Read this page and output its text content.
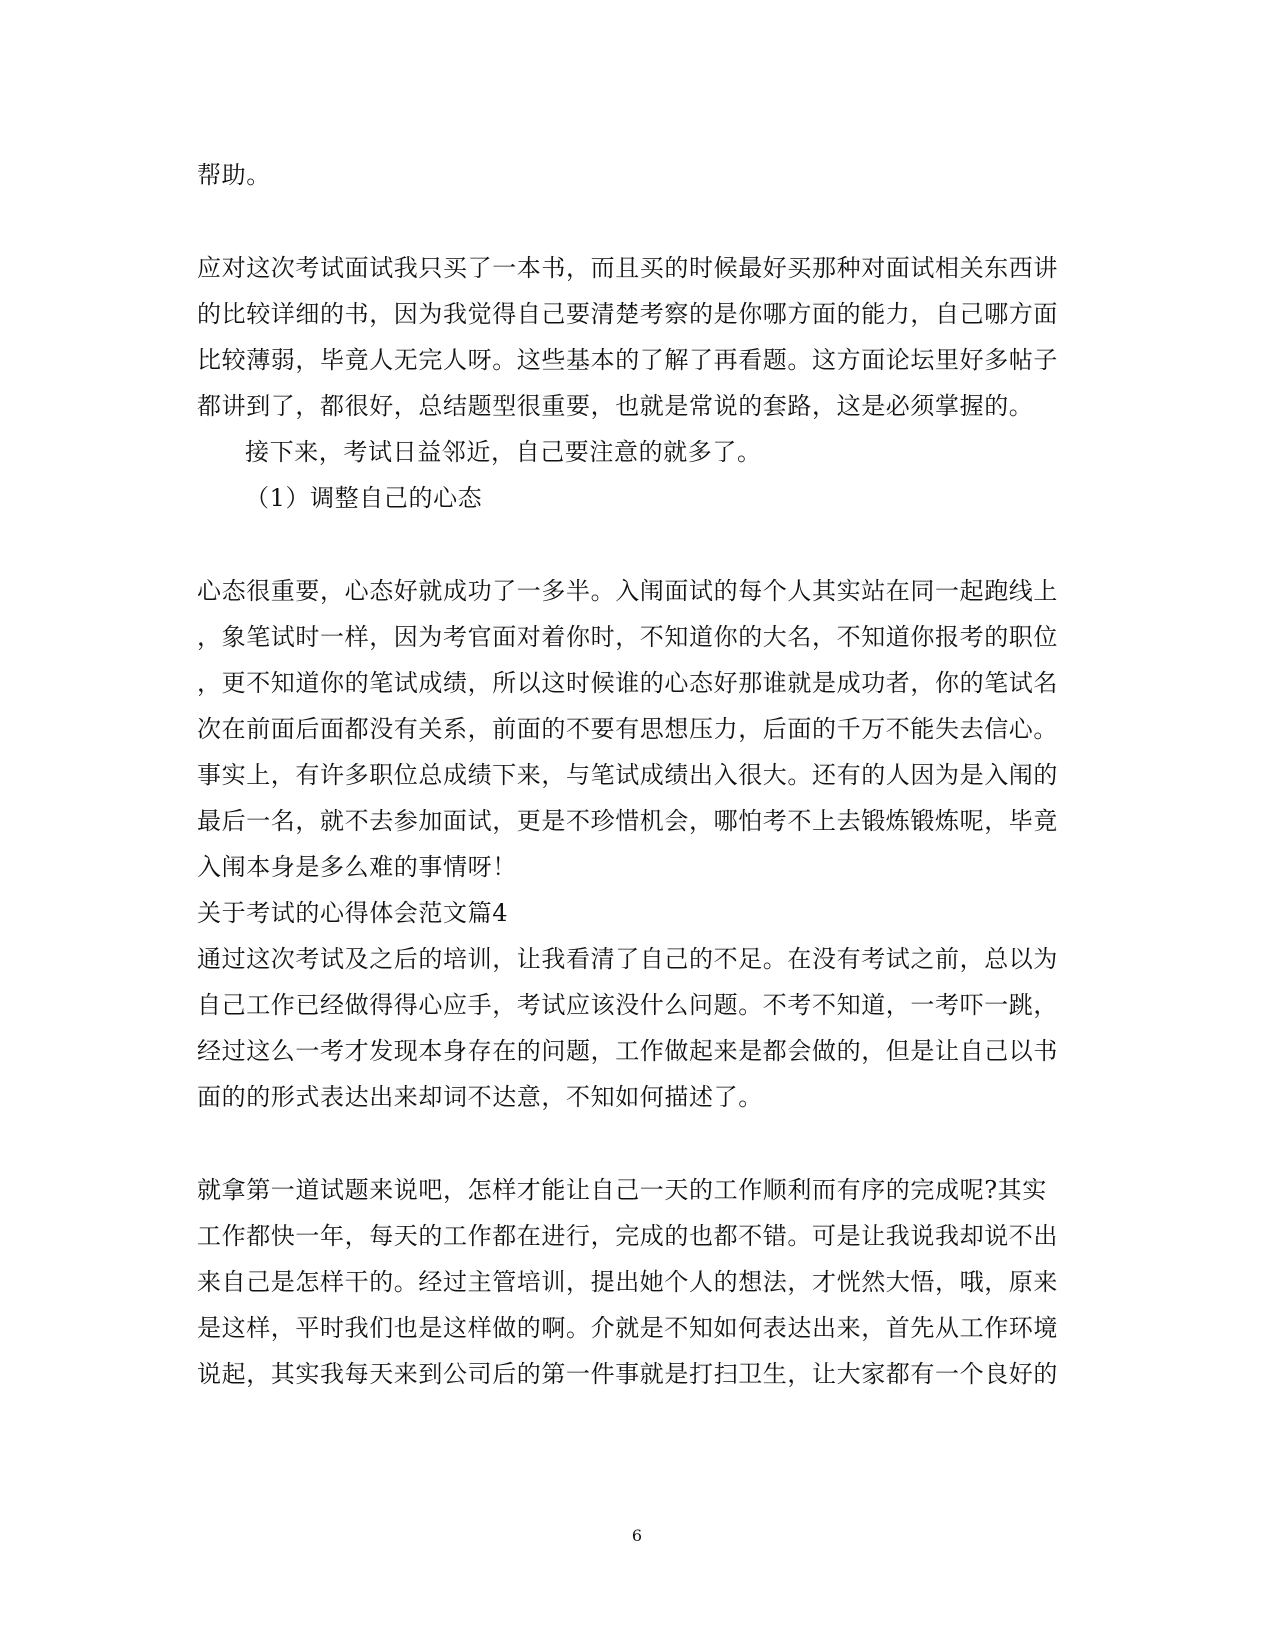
帮助。
应对这次考试面试我只买了一本书，而且买的时候最好买那种对面试相关东西讲
的比较详细的书，因为我觉得自己要清楚考察的是你哪方面的能力，自己哪方面
比较薄弱，毕竟人无完人呀。这些基本的了解了再看题。这方面论坛里好多帖子
都讲到了，都很好，总结题型很重要，也就是常说的套路，这是必须掌握的。
接下来，考试日益邻近，自己要注意的就多了。
（1）调整自己的心态
心态很重要，心态好就成功了一多半。入闱面试的每个人其实站在同一起跑线上
，象笔试时一样，因为考官面对着你时，不知道你的大名，不知道你报考的职位
，更不知道你的笔试成绩，所以这时候谁的心态好那谁就是成功者，你的笔试名
次在前面后面都没有关系，前面的不要有思想压力，后面的千万不能失去信心。
事实上，有许多职位总成绩下来，与笔试成绩出入很大。还有的人因为是入闱的
最后一名，就不去参加面试，更是不珍惜机会，哪怕考不上去锻炼锻炼呢，毕竟
入闱本身是多么难的事情呀！
关于考试的心得体会范文篇4
通过这次考试及之后的培训，让我看清了自己的不足。在没有考试之前，总以为
自己工作已经做得得心应手，考试应该没什么问题。不考不知道，一考吓一跳，
经过这么一考才发现本身存在的问题，工作做起来是都会做的，但是让自己以书
面的的形式表达出来却词不达意，不知如何描述了。
就拿第一道试题来说吧，怎样才能让自己一天的工作顺利而有序的完成呢?其实
工作都快一年，每天的工作都在进行，完成的也都不错。可是让我说我却说不出
来自己是怎样干的。经过主管培训，提出她个人的想法，才恍然大悟，哦，原来
是这样，平时我们也是这样做的啊。介就是不知如何表达出来，首先从工作环境
说起，其实我每天来到公司后的第一件事就是打扫卫生，让大家都有一个良好的
6
